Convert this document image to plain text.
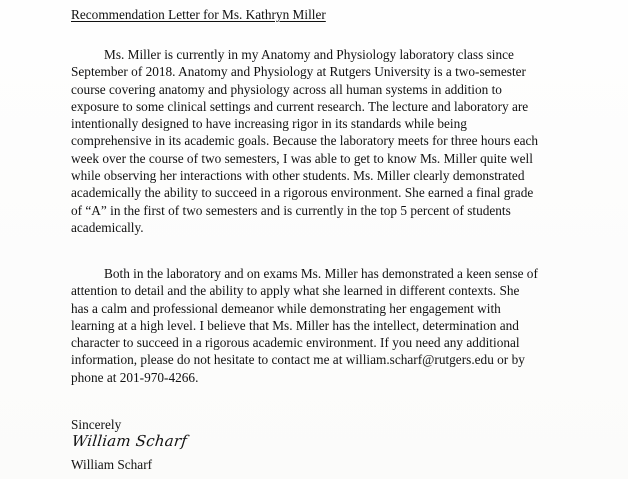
Recommendation Letter for Ms. Kathryn Miller
Ms. Miller is currently in my Anatomy and Physiology laboratory class since
September of 2018. Anatomy and Physiology at Rutgers University is a two-semester
course covering anatomy and physiology across all human systems in addition to
exposure to some clinical settings and current research. The lecture and laboratory are
intentionally designed to have increasing rigor in its standards while being
comprehensive in its academic goals. Because the laboratory meets for three hours each
week over the course of two semesters, I was able to get to know Ms. Miller quite well
while observing her interactions with other students. Ms. Miller clearly demonstrated
academically the ability to succeed in a rigorous environment. She earned a final grade
of “A” in the first of two semesters and is currently in the top 5 percent of students
academically.
Both in the laboratory and on exams Ms. Miller has demonstrated a keen sense of
attention to detail and the ability to apply what she learned in different contexts. She
has a calm and professional demeanor while demonstrating her engagement with
learning at a high level. I believe that Ms. Miller has the intellect, determination and
character to succeed in a rigorous academic environment. If you need any additional
information, please do not hesitate to contact me at william.scharf@rutgers.edu or by
phone at 201-970-4266.
Sincerely
William Scharf
William Scharf
